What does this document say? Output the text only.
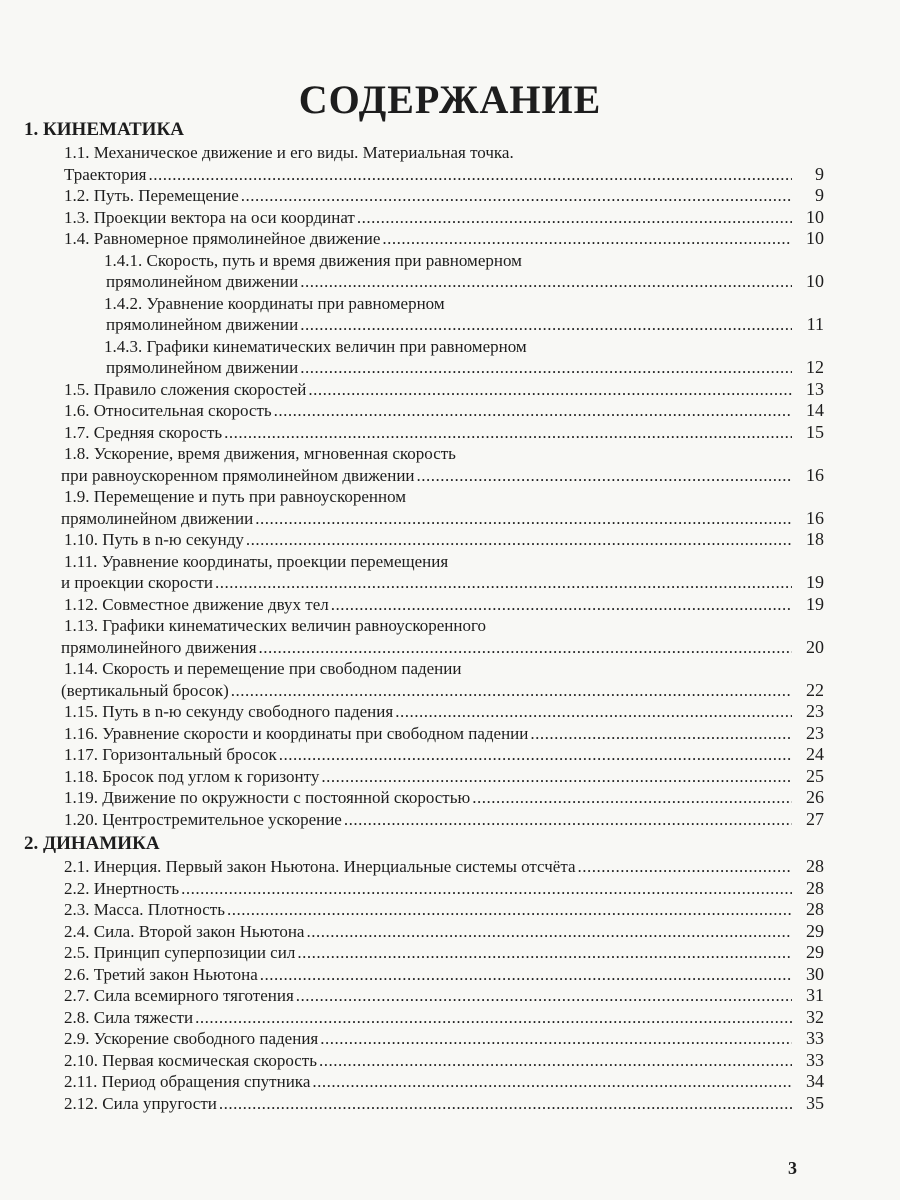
СОДЕРЖАНИЕ
1. КИНЕМАТИКА
1.1. Механическое движение и его виды. Материальная точка.
Траектория .....	9
1.2. Путь. Перемещение .....	9
1.3. Проекции вектора на оси координат .....	10
1.4. Равномерное прямолинейное движение .....	10
1.4.1. Скорость, путь и время движения при равномерном
прямолинейном движении .....	10
1.4.2. Уравнение координаты при равномерном
прямолинейном движении .....	11
1.4.3. Графики кинематических величин при равномерном
прямолинейном движении .....	12
1.5. Правило сложения скоростей .....	13
1.6. Относительная скорость .....	14
1.7. Средняя скорость .....	15
1.8. Ускорение, время движения, мгновенная скорость
при равноускоренном прямолинейном движении .....	16
1.9. Перемещение и путь при равноускоренном
прямолинейном движении .....	16
1.10. Путь в n-ю секунду .....	18
1.11. Уравнение координаты, проекции перемещения
и проекции скорости .....	19
1.12. Совместное движение двух тел .....	19
1.13. Графики кинематических величин равноускоренного
прямолинейного движения .....	20
1.14. Скорость и перемещение при свободном падении
(вертикальный бросок) .....	22
1.15. Путь в n-ю секунду свободного падения .....	23
1.16. Уравнение скорости и координаты при свободном падении .....	23
1.17. Горизонтальный бросок .....	24
1.18. Бросок под углом к горизонту .....	25
1.19. Движение по окружности с постоянной скоростью .....	26
1.20. Центростремительное ускорение .....	27
2. ДИНАМИКА
2.1. Инерция. Первый закон Ньютона. Инерциальные системы отсчёта .....	28
2.2. Инертность .....	28
2.3. Масса. Плотность .....	28
2.4. Сила. Второй закон Ньютона .....	29
2.5. Принцип суперпозиции сил .....	29
2.6. Третий закон Ньютона .....	30
2.7. Сила всемирного тяготения .....	31
2.8. Сила тяжести .....	32
2.9. Ускорение свободного падения .....	33
2.10. Первая космическая скорость .....	33
2.11. Период обращения спутника .....	34
2.12. Сила упругости .....	35
3
